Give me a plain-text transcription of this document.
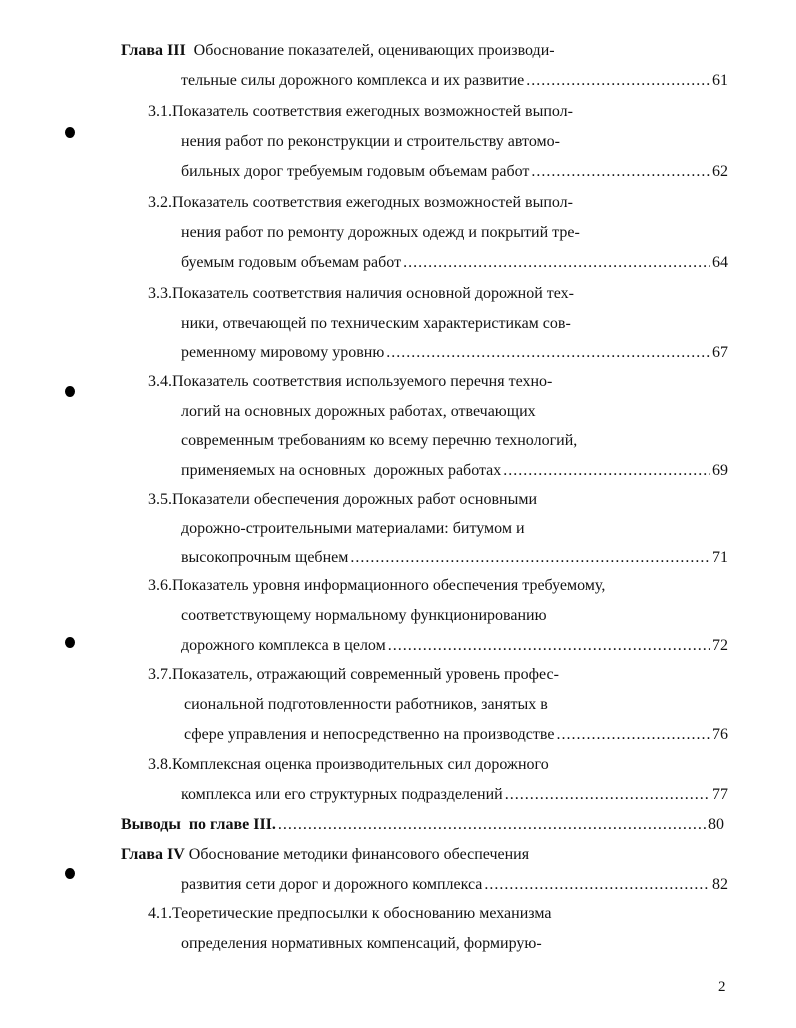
Глава III
Обоснование показателей, оценивающих производи-
тельные силы дорожного комплекса и их развитие .....	61
3.1.Показатель соответствия ежегодных возможностей выпол-
нения работ по реконструкции и строительству автомо-
бильных дорог требуемым годовым объемам работ .....	62
3.2.Показатель соответствия ежегодных возможностей выпол-
нения работ по ремонту дорожных одежд и покрытий тре-
буемым годовым объемам работ .....	64
3.3.Показатель соответствия наличия основной дорожной тех-
ники, отвечающей по техническим характеристикам сов-
ременному мировому уровню .....	67
3.4.Показатель соответствия используемого перечня техно-
логий на основных дорожных работах, отвечающих
современным требованиям ко всему перечню технологий,
применяемых на основных  дорожных работах .....	69
3.5.Показатели обеспечения дорожных работ основными
дорожно-строительными материалами: битумом и
высокопрочным щебнем .....	71
3.6.Показатель уровня информационного обеспечения требуемому,
соответствующему нормальному функционированию
дорожного комплекса в целом .....	72
3.7.Показатель, отражающий современный уровень профес-
сиональной подготовленности работников, занятых в
сфере управления и непосредственно на производстве .....	76
3.8.Комплексная оценка производительных сил дорожного
комплекса или его структурных подразделений .....	77
Выводы  по главе III. .....	80
Глава IV
Обоснование методики финансового обеспечения
развития сети дорог и дорожного комплекса .....	82
4.1.Теоретические предпосылки к обоснованию механизма
определения нормативных компенсаций, формирую-
2
